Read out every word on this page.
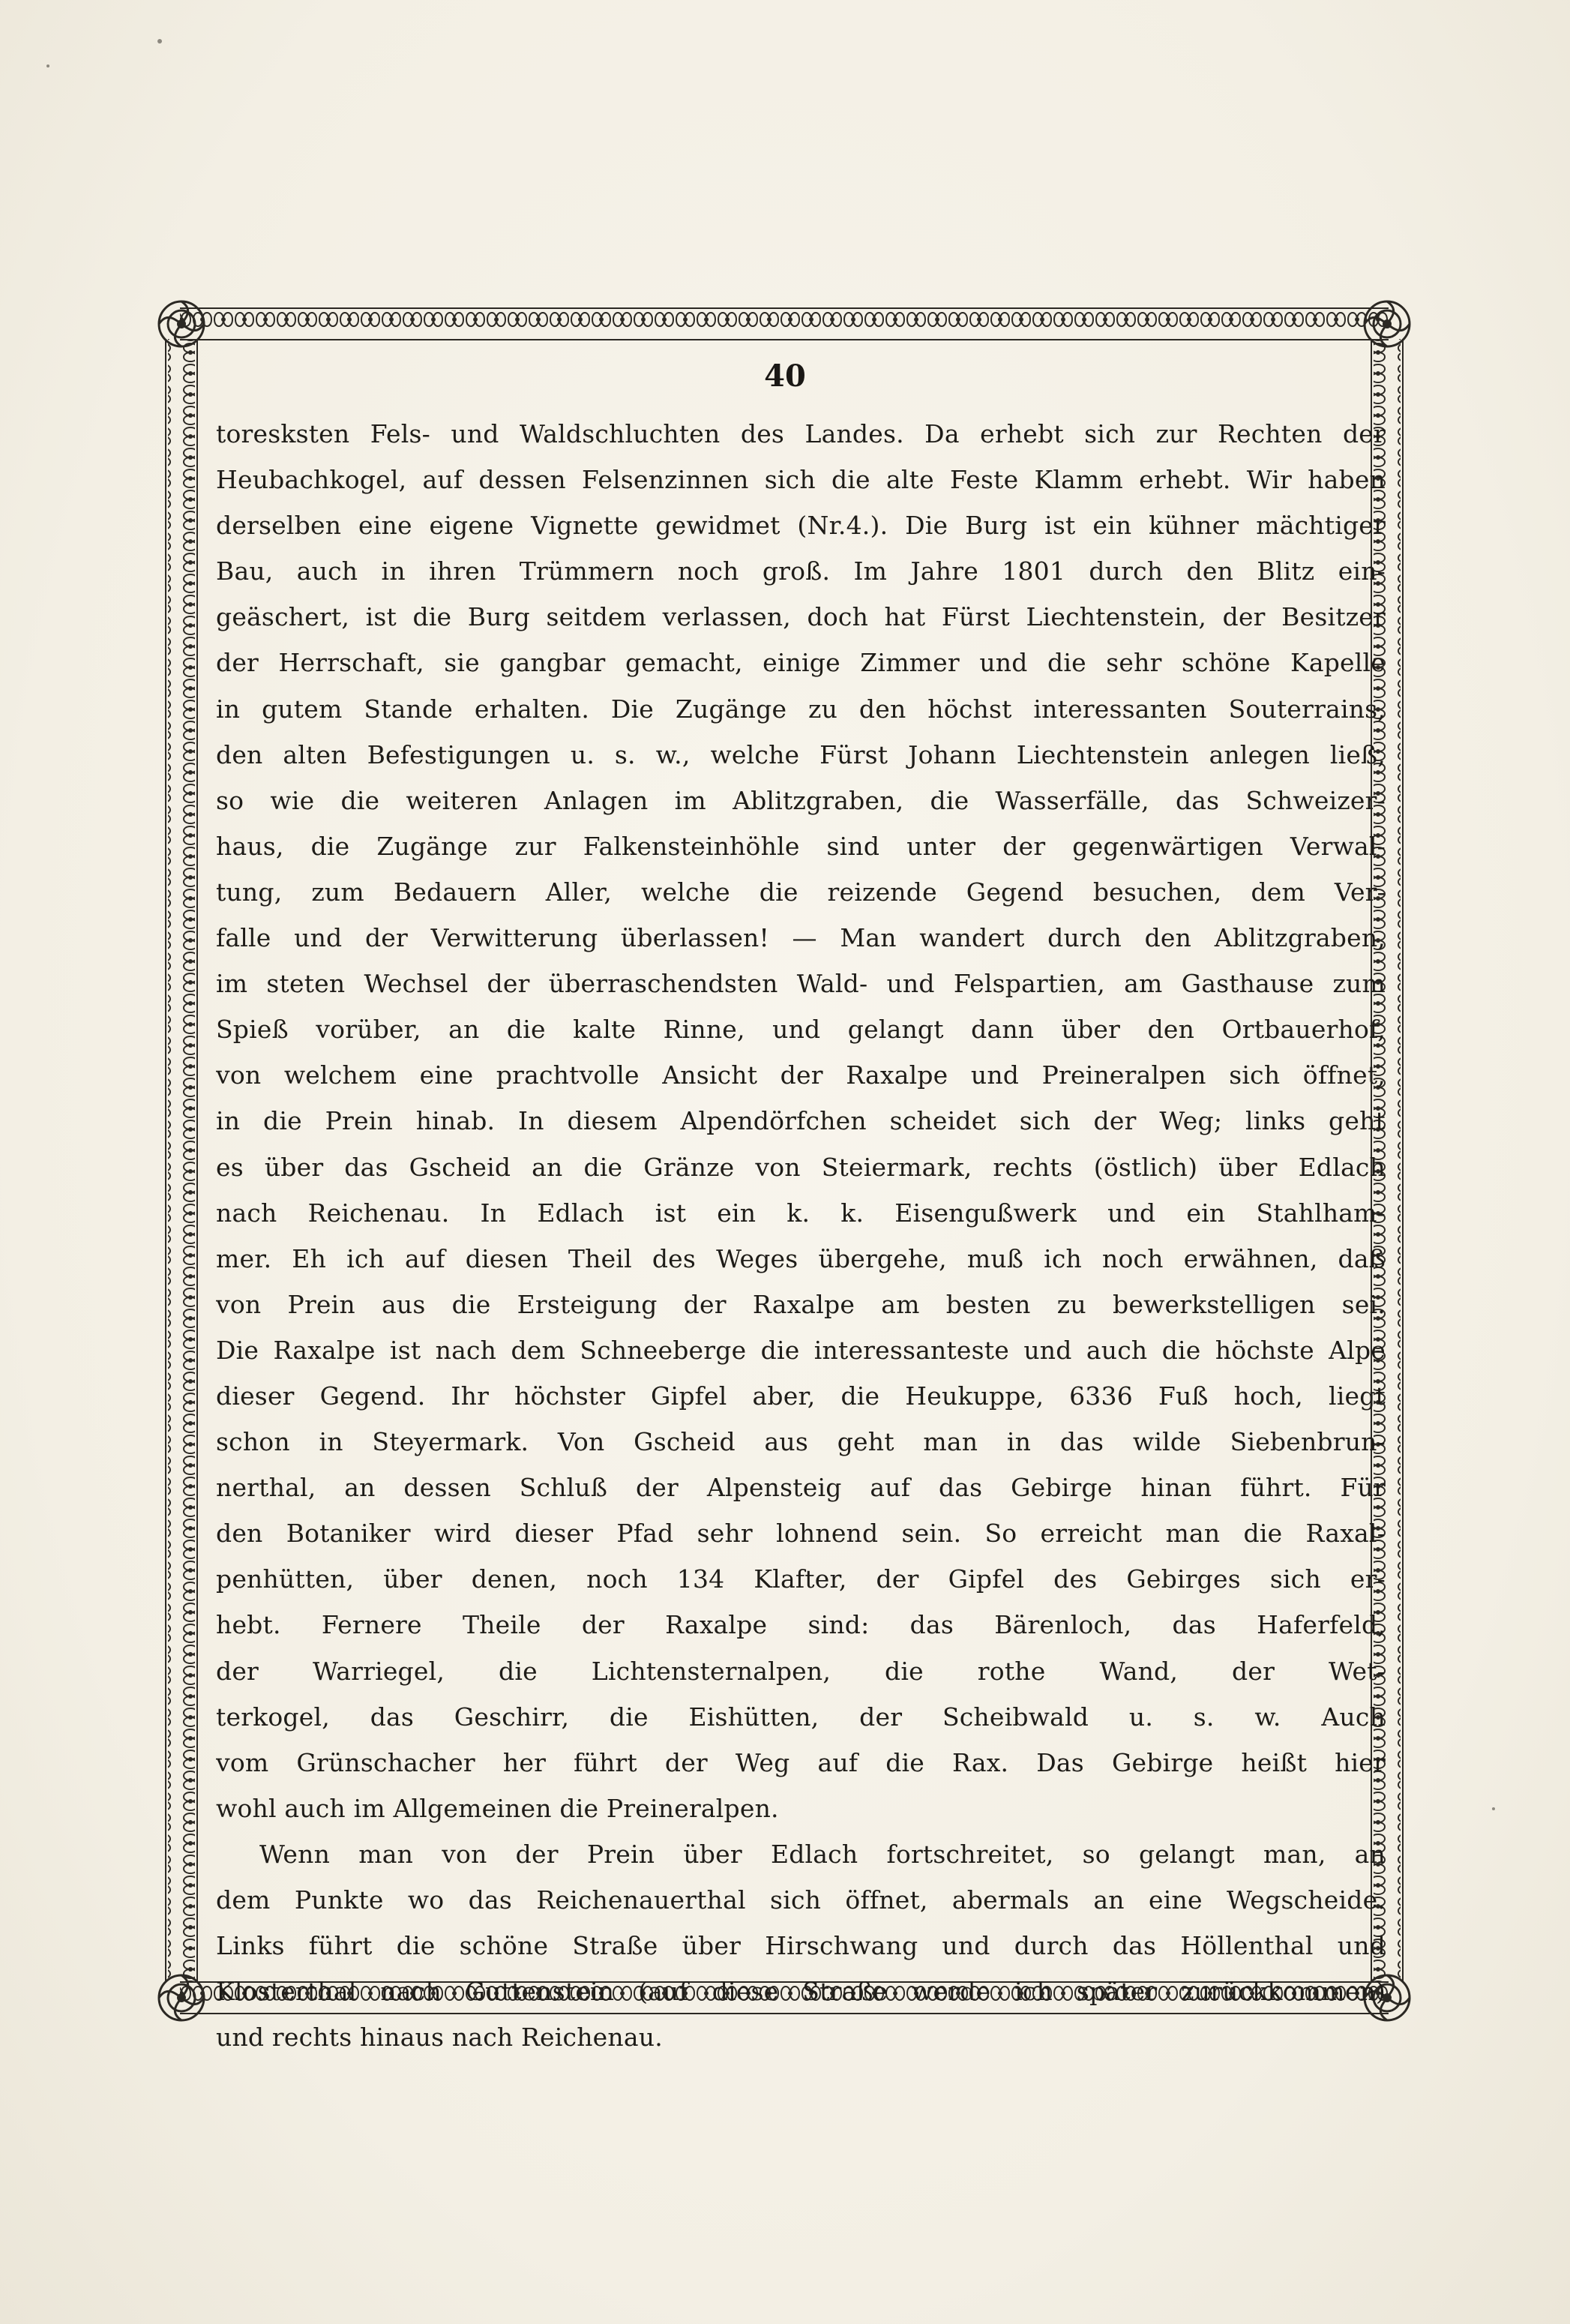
40
toresksten Fels- und Waldschluchten des Landes. Da erhebt sich zur Rechten der
Heubachkogel, auf dessen Felsenzinnen sich die alte Feste Klamm erhebt. Wir haben
derselben eine eigene Vignette gewidmet (Nr.4.). Die Burg ist ein kühner mächtiger
Bau, auch in ihren Trümmern noch groß. Im Jahre 1801 durch den Blitz ein-
geäschert, ist die Burg seitdem verlassen, doch hat Fürst Liechtenstein, der Besitzer
der Herrschaft, sie gangbar gemacht, einige Zimmer und die sehr schöne Kapelle
in gutem Stande erhalten. Die Zugänge zu den höchst interessanten Souterrains,
den alten Befestigungen u. s. w., welche Fürst Johann Liechtenstein anlegen ließ,
so wie die weiteren Anlagen im Ablitzgraben, die Wasserfälle, das Schweizer-
haus, die Zugänge zur Falkensteinhöhle sind unter der gegenwärtigen Verwal-
tung, zum Bedauern Aller, welche die reizende Gegend besuchen, dem Ver-
falle und der Verwitterung überlassen! — Man wandert durch den Ablitzgraben,
im steten Wechsel der überraschendsten Wald- und Felspartien, am Gasthause zum
Spieß vorüber, an die kalte Rinne, und gelangt dann über den Ortbauerhof,
von welchem eine prachtvolle Ansicht der Raxalpe und Preineralpen sich öffnet,
in die Prein hinab. In diesem Alpendörfchen scheidet sich der Weg; links geht
es über das Gscheid an die Gränze von Steiermark, rechts (östlich) über Edlach
nach Reichenau. In Edlach ist ein k. k. Eisengußwerk und ein Stahlham-
mer. Eh ich auf diesen Theil des Weges übergehe, muß ich noch erwähnen, daß
von Prein aus die Ersteigung der Raxalpe am besten zu bewerkstelligen sei.
Die Raxalpe ist nach dem Schneeberge die interessanteste und auch die höchste Alpe
dieser Gegend. Ihr höchster Gipfel aber, die Heukuppe, 6336 Fuß hoch, liegt
schon in Steyermark. Von Gscheid aus geht man in das wilde Siebenbrun-
nerthal, an dessen Schluß der Alpensteig auf das Gebirge hinan führt. Für
den Botaniker wird dieser Pfad sehr lohnend sein. So erreicht man die Raxal-
penhütten, über denen, noch 134 Klafter, der Gipfel des Gebirges sich er-
hebt. Fernere Theile der Raxalpe sind: das Bärenloch, das Haferfeld,
der Warriegel, die Lichtensternalpen, die rothe Wand, der Wet-
terkogel, das Geschirr, die Eishütten, der Scheibwald u. s. w. Auch
vom Grünschacher her führt der Weg auf die Rax. Das Gebirge heißt hier
wohl auch im Allgemeinen die Preineralpen.
Wenn man von der Prein über Edlach fortschreitet, so gelangt man, an
dem Punkte wo das Reichenauerthal sich öffnet, abermals an eine Wegscheide.
Links führt die schöne Straße über Hirschwang und durch das Höllenthal und
Klosterthal nach Guttenstein (auf diese Straße werde ich später zurückkommen)
und rechts hinaus nach Reichenau.
